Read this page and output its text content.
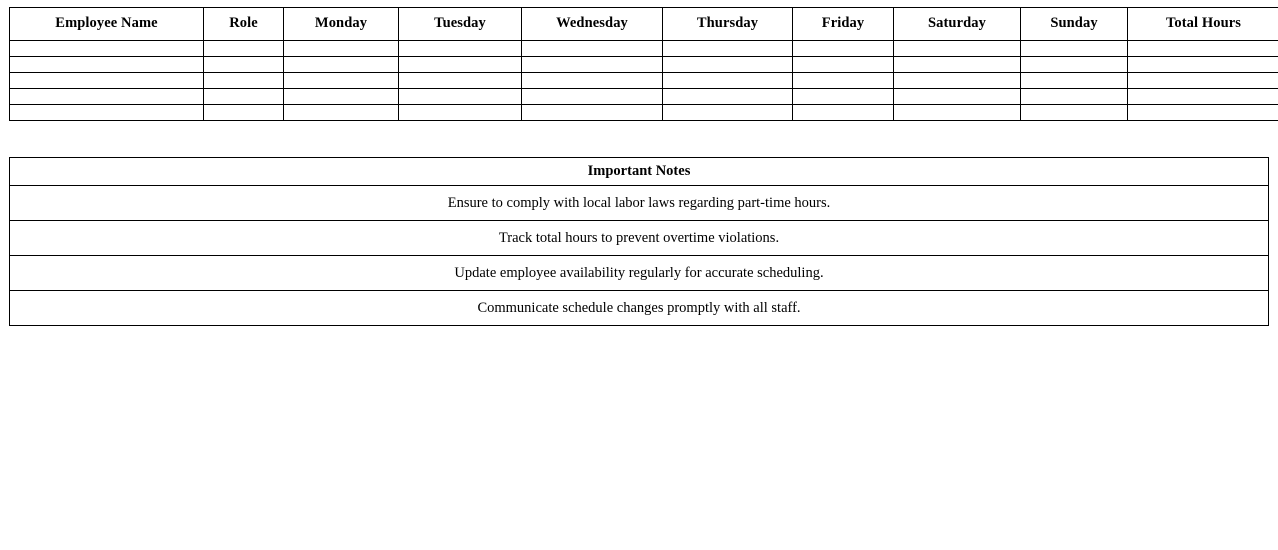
Employee Name	Role	Monday	Tuesday	Wednesday	Thursday	Friday	Saturday	Sunday	Total Hours

Important Notes
Ensure to comply with local labor laws regarding part-time hours.
Track total hours to prevent overtime violations.
Update employee availability regularly for accurate scheduling.
Communicate schedule changes promptly with all staff.
